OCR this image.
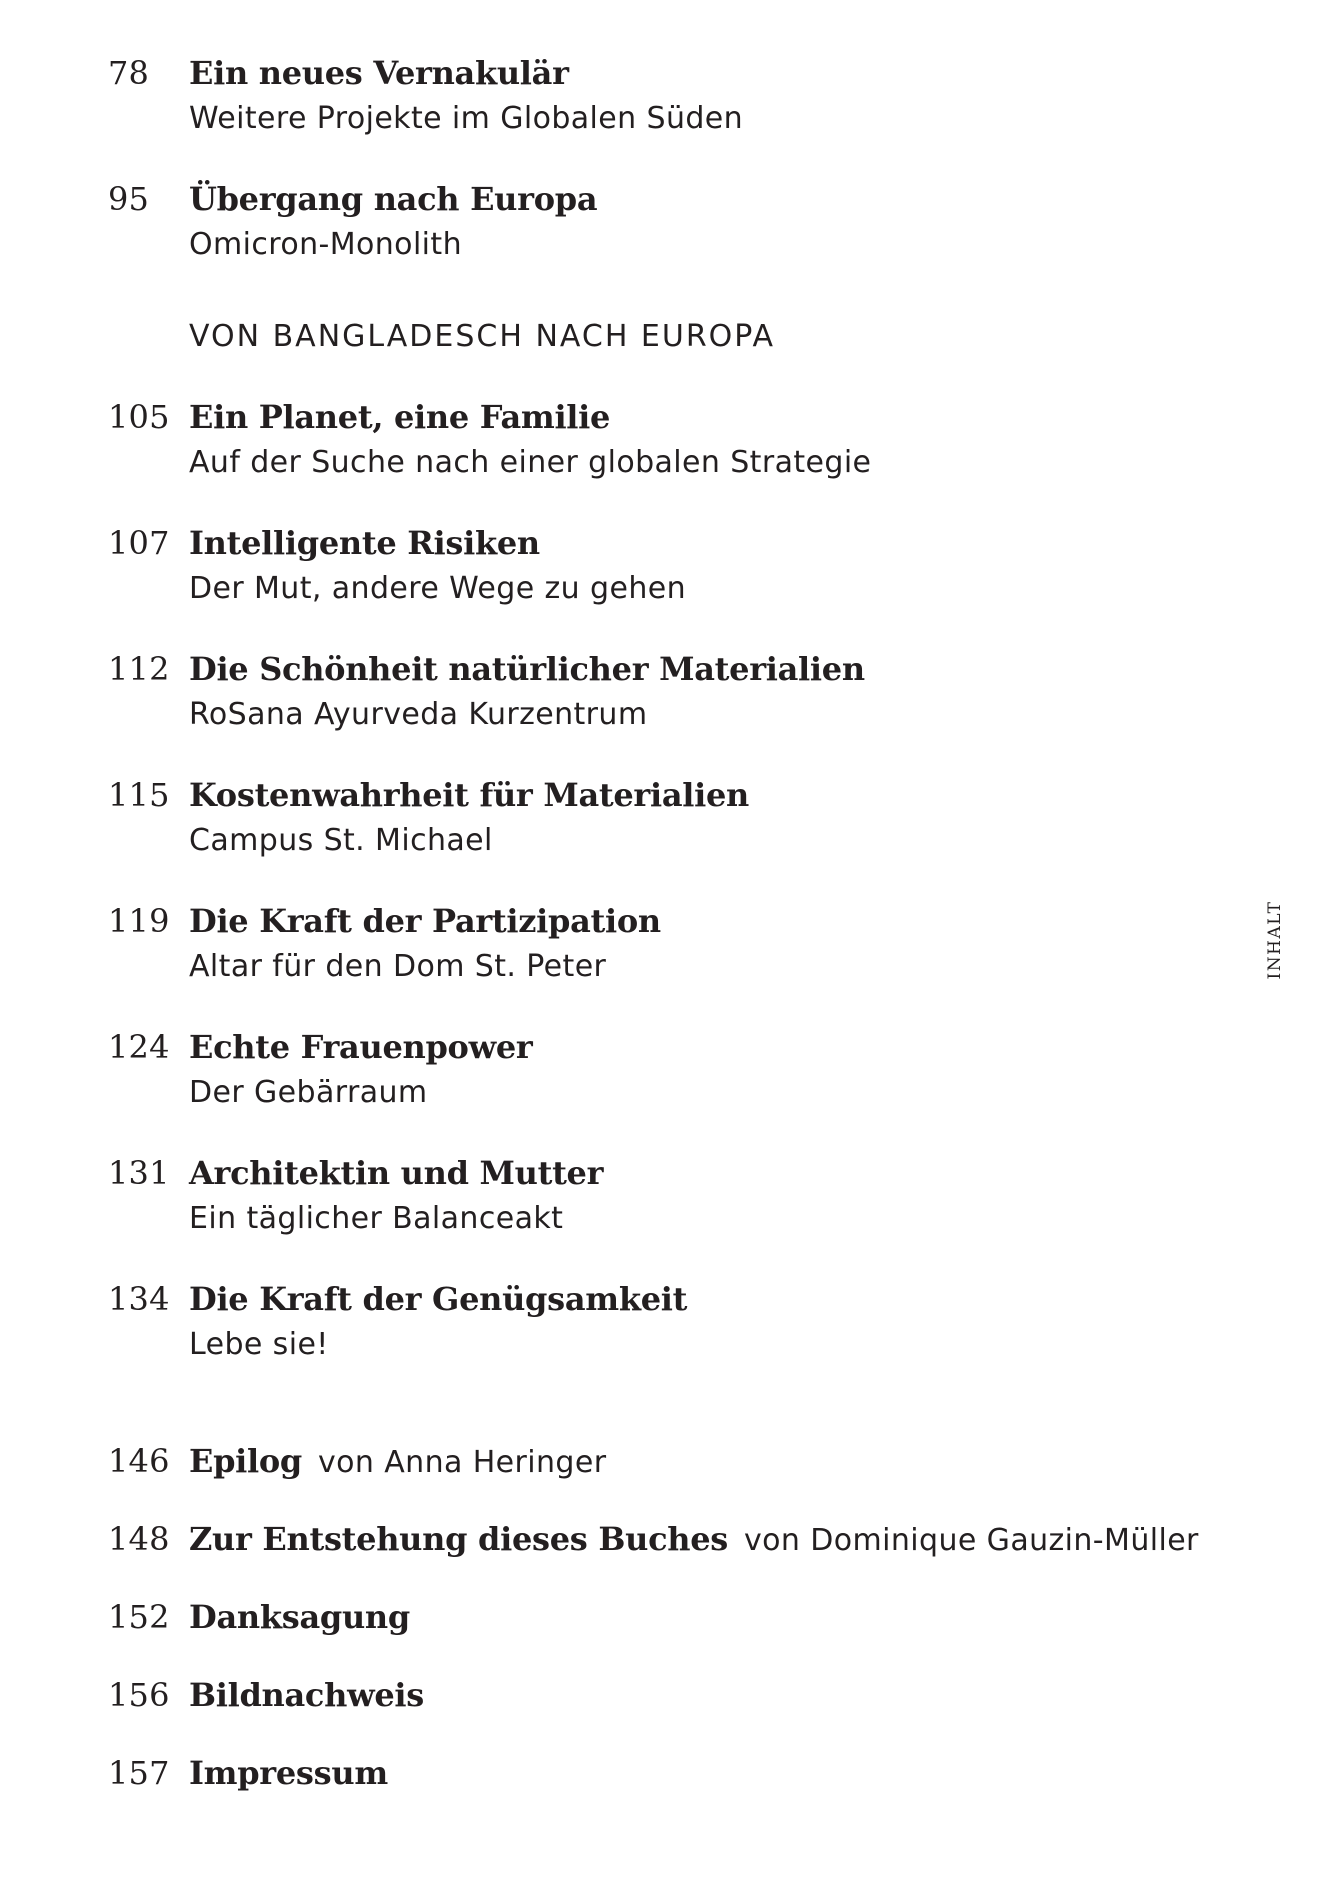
78	Ein neues Vernakulär
Weitere Projekte im Globalen Süden
95	Übergang nach Europa
Omicron-Monolith
VON BANGLADESCH NACH EUROPA
105 Ein Planet, eine Familie
Auf der Suche nach einer globalen Strategie
107 Intelligente Risiken
Der Mut, andere Wege zu gehen
112 Die Schönheit natürlicher Materialien
RoSana Ayurveda Kurzentrum
115 Kostenwahrheit für Materialien
Campus St. Michael
119 Die Kraft der Partizipation
Altar für den Dom St. Peter
124 Echte Frauenpower
Der Gebärraum
131 Architektin und Mutter
Ein täglicher Balanceakt
134 Die Kraft der Genügsamkeit
Lebe sie!
146 Epilog von Anna Heringer
148 Zur Entstehung dieses Buches von Dominique Gauzin-Müller
152 Danksagung
156 Bildnachweis
157 Impressum
INHALT
